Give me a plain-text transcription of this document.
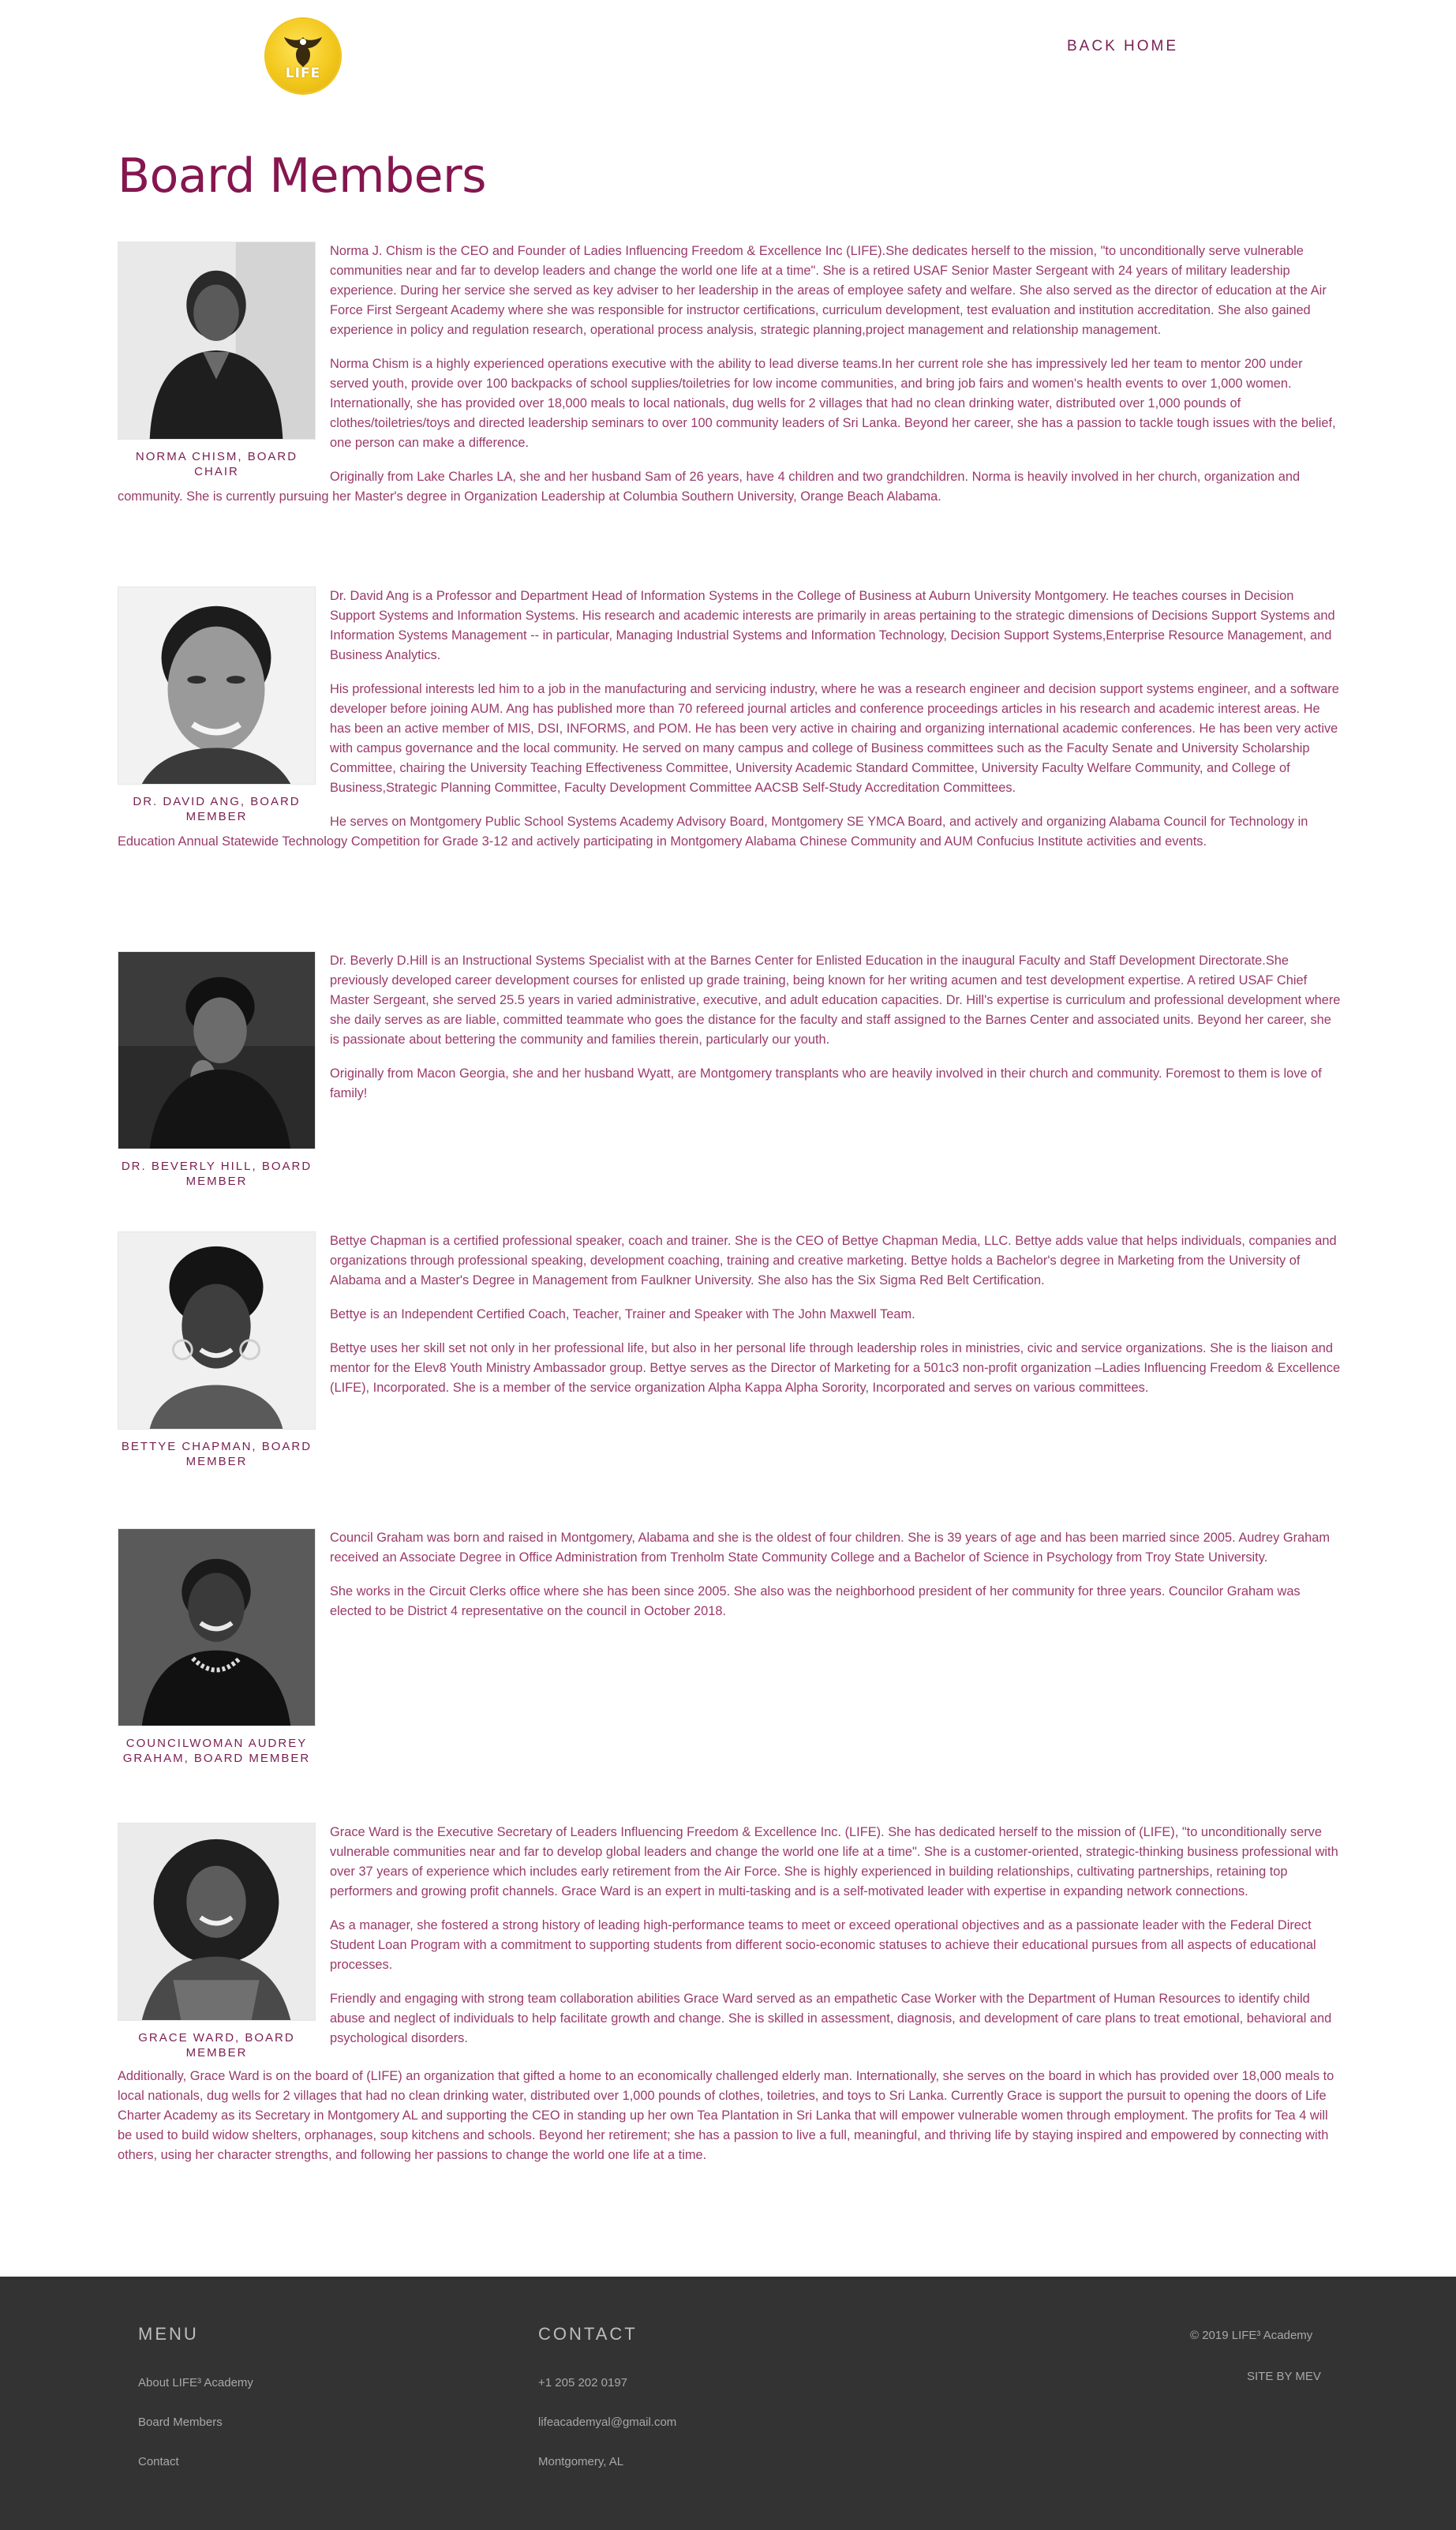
LIFE
BACK HOME
Board Members
NORMA CHISM, BOARD CHAIR

Norma J. Chism is the CEO and Founder of Ladies Influencing Freedom & Excellence Inc (LIFE).She dedicates herself to the mission, "to unconditionally serve vulnerable communities near and far to develop leaders and change the world one life at a time". She is a retired USAF Senior Master Sergeant with 24 years of military leadership experience. During her service she served as key adviser to her leadership in the areas of employee safety and welfare. She also served as the director of education at the Air Force First Sergeant Academy where she was responsible for instructor certifications, curriculum development, test evaluation and institution accreditation. She also gained experience in policy and regulation research, operational process analysis, strategic planning,project management and relationship management.

Norma Chism is a highly experienced operations executive with the ability to lead diverse teams.In her current role she has impressively led her team to mentor 200 under served youth, provide over 100 backpacks of school supplies/toiletries for low income communities, and bring job fairs and women's health events to over 1,000 women. Internationally, she has provided over 18,000 meals to local nationals, dug wells for 2 villages that had no clean drinking water, distributed over 1,000 pounds of clothes/toiletries/toys and directed leadership seminars to over 100 community leaders of Sri Lanka. Beyond her career, she has a passion to tackle tough issues with the belief, one person can make a difference.

Originally from Lake Charles LA, she and her husband Sam of 26 years, have 4 children and two grandchildren. Norma is heavily involved in her church, organization and community. She is currently pursuing her Master's degree in Organization Leadership at Columbia Southern University, Orange Beach Alabama.

DR. DAVID ANG, BOARD MEMBER

Dr. David Ang is a Professor and Department Head of Information Systems in the College of Business at Auburn University Montgomery. He teaches courses in Decision Support Systems and Information Systems. His research and academic interests are primarily in areas pertaining to the strategic dimensions of Decisions Support Systems and Information Systems Management -- in particular, Managing Industrial Systems and Information Technology, Decision Support Systems,Enterprise Resource Management, and Business Analytics.

His professional interests led him to a job in the manufacturing and servicing industry, where he was a research engineer and decision support systems engineer, and a software developer before joining AUM. Ang has published more than 70 refereed journal articles and conference proceedings articles in his research and academic interest areas. He has been an active member of MIS, DSI, INFORMS, and POM. He has been very active in chairing and organizing international academic conferences. He has been very active with campus governance and the local community. He served on many campus and college of Business committees such as the Faculty Senate and University Scholarship Committee, chairing the University Teaching Effectiveness Committee, University Academic Standard Committee, University Faculty Welfare Community, and College of Business,Strategic Planning Committee, Faculty Development Committee AACSB Self-Study Accreditation Committees.

He serves on Montgomery Public School Systems Academy Advisory Board, Montgomery SE YMCA Board, and actively and organizing Alabama Council for Technology in Education Annual Statewide Technology Competition for Grade 3-12 and actively participating in Montgomery Alabama Chinese Community and AUM Confucius Institute activities and events.

DR. BEVERLY HILL, BOARD MEMBER

Dr. Beverly D.Hill is an Instructional Systems Specialist with at the Barnes Center for Enlisted Education in the inaugural Faculty and Staff Development Directorate.She previously developed career development courses for enlisted up grade training, being known for her writing acumen and test development expertise. A retired USAF Chief Master Sergeant, she served 25.5 years in varied administrative, executive, and adult education capacities. Dr. Hill's expertise is curriculum and professional development where she daily serves as are liable, committed teammate who goes the distance for the faculty and staff assigned to the Barnes Center and associated units. Beyond her career, she is passionate about bettering the community and families therein, particularly our youth.

Originally from Macon Georgia, she and her husband Wyatt, are Montgomery transplants who are heavily involved in their church and community. Foremost to them is love of family!

BETTYE CHAPMAN, BOARD MEMBER

Bettye Chapman is a certified professional speaker, coach and trainer. She is the CEO of Bettye Chapman Media, LLC. Bettye adds value that helps individuals, companies and organizations through professional speaking, development coaching, training and creative marketing. Bettye holds a Bachelor's degree in Marketing from the University of Alabama and a Master's Degree in Management from Faulkner University. She also has the Six Sigma Red Belt Certification.

Bettye is an Independent Certified Coach, Teacher, Trainer and Speaker with The John Maxwell Team.

Bettye uses her skill set not only in her professional life, but also in her personal life through leadership roles in ministries, civic and service organizations. She is the liaison and mentor for the Elev8 Youth Ministry Ambassador group. Bettye serves as the Director of Marketing for a 501c3 non-profit organization –Ladies Influencing Freedom & Excellence (LIFE), Incorporated. She is a member of the service organization Alpha Kappa Alpha Sorority, Incorporated and serves on various committees.

COUNCILWOMAN AUDREY GRAHAM, BOARD MEMBER

Council Graham was born and raised in Montgomery, Alabama and she is the oldest of four children. She is 39 years of age and has been married since 2005. Audrey Graham received an Associate Degree in Office Administration from Trenholm State Community College and a Bachelor of Science in Psychology from Troy State University.

She works in the Circuit Clerks office where she has been since 2005. She also was the neighborhood president of her community for three years. Councilor Graham was elected to be District 4 representative on the council in October 2018.

GRACE WARD, BOARD MEMBER

Grace Ward is the Executive Secretary of Leaders Influencing Freedom & Excellence Inc. (LIFE). She has dedicated herself to the mission of (LIFE), "to unconditionally serve vulnerable communities near and far to develop global leaders and change the world one life at a time". She is a customer-oriented, strategic-thinking business professional with over 37 years of experience which includes early retirement from the Air Force. She is highly experienced in building relationships, cultivating partnerships, retaining top performers and growing profit channels. Grace Ward is an expert in multi-tasking and is a self-motivated leader with expertise in expanding network connections.

As a manager, she fostered a strong history of leading high-performance teams to meet or exceed operational objectives and as a passionate leader with the Federal Direct Student Loan Program with a commitment to supporting students from different socio-economic statuses to achieve their educational pursues from all aspects of educational processes.

Friendly and engaging with strong team collaboration abilities Grace Ward served as an empathetic Case Worker with the Department of Human Resources to identify child abuse and neglect of individuals to help facilitate growth and change. She is skilled in assessment, diagnosis, and development of care plans to treat emotional, behavioral and psychological disorders.

Additionally, Grace Ward is on the board of (LIFE) an organization that gifted a home to an economically challenged elderly man. Internationally, she serves on the board in which has provided over 18,000 meals to local nationals, dug wells for 2 villages that had no clean drinking water, distributed over 1,000 pounds of clothes, toiletries, and toys to Sri Lanka. Currently Grace is support the pursuit to opening the doors of Life Charter Academy as its Secretary in Montgomery AL and supporting the CEO in standing up her own Tea Plantation in Sri Lanka that will empower vulnerable women through employment. The profits for Tea 4 will be used to build widow shelters, orphanages, soup kitchens and schools. Beyond her retirement; she has a passion to live a full, meaningful, and thriving life by staying inspired and empowered by connecting with others, using her character strengths, and following her passions to change the world one life at a time.

MENU
About LIFE³ Academy
Board Members
Contact
CONTACT
+1 205 202 0197
lifeacademyal@gmail.com
Montgomery, AL
© 2019 LIFE³ Academy
SITE BY MEV
